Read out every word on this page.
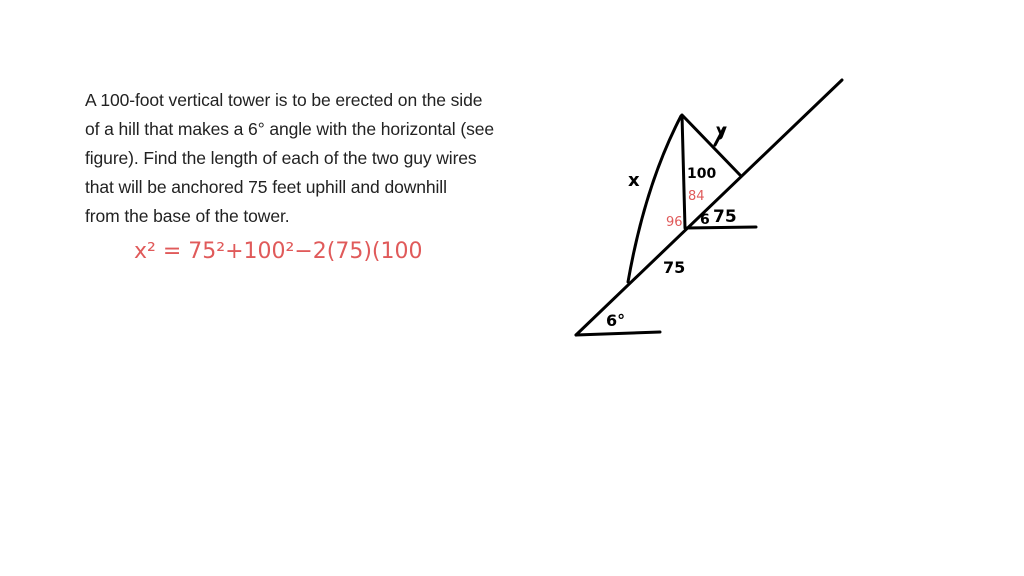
A 100-foot vertical tower is to be erected on the side
of a hill that makes a 6° angle with the horizontal (see
figure). Find the length of each of the two guy wires
that will be anchored 75 feet uphill and downhill
from the base of the tower.
x² = 75²+100²−2(75)(100
x
y
100
6 75
75
6°
84
96
